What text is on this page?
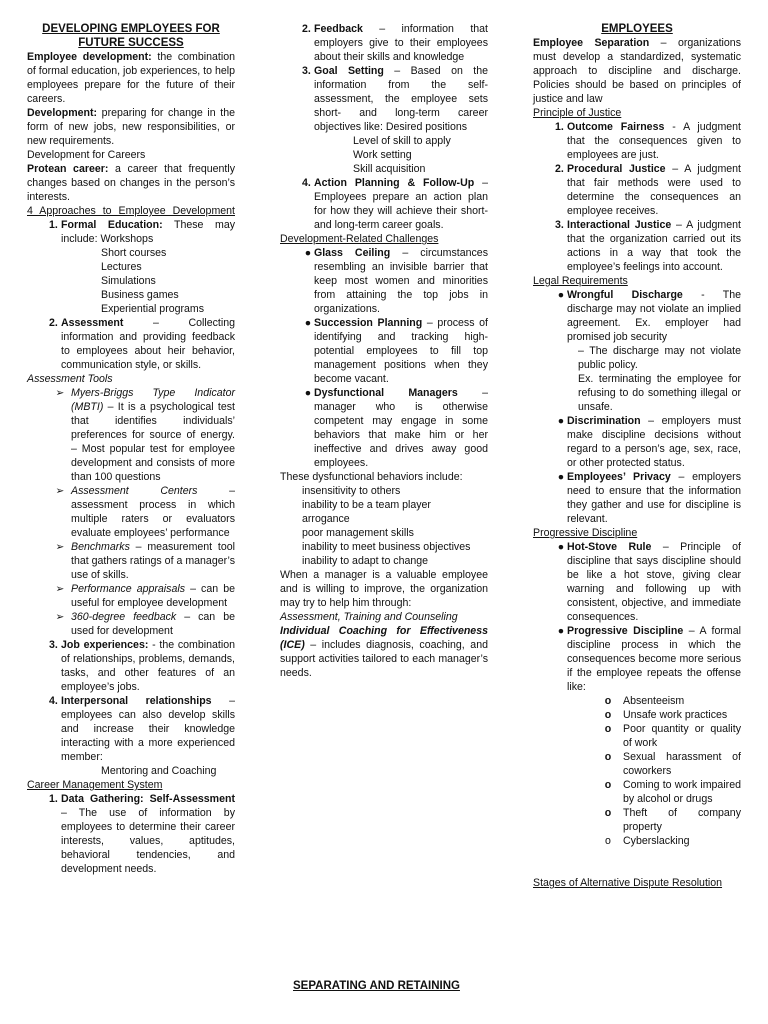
DEVELOPING EMPLOYEES FOR
FUTURE SUCCESS

Employee development: the combination of formal education, job experiences, to help employees prepare for the future of their careers.

Development: preparing for change in the form of new jobs, new responsibilities, or new requirements.

Development for Careers

Protean career: a career that frequently changes based on changes in the person’s interests.

4 Approaches to Employee Development

1. Formal Education: These may include: Workshops
Short courses
Lectures
Simulations
Business games
Experiential programs
2. Assessment – Collecting information and providing feedback to employees about heir behavior, communication style, or skills.

Assessment Tools

➢ Myers-Briggs Type Indicator (MBTI) – It is a psychological test that identifies individuals’ preferences for source of energy. – Most popular test for employee development and consists of more than 100 questions
➢ Assessment Centers – assessment process in which multiple raters or evaluators evaluate employees’ performance
➢ Benchmarks – measurement tool that gathers ratings of a manager’s use of skills.
➢ Performance appraisals – can be useful for employee development
➢ 360-degree feedback – can be used for development
3. Job experiences: - the combination of relationships, problems, demands, tasks, and other features of an employee’s jobs.
4. Interpersonal relationships – employees can also develop skills and increase their knowledge interacting with a more experienced member:

Mentoring and Coaching

Career Management System

1. Data Gathering: Self-Assessment – The use of information by employees to determine their career interests, values, aptitudes, behavioral tendencies, and development needs.
2. Feedback – information that employers give to their employees about their skills and knowledge
3. Goal Setting – Based on the information from the self-assessment, the employee sets short- and long-term career objectives like: Desired positions
Level of skill to apply
Work setting
Skill acquisition
4. Action Planning & Follow-Up – Employees prepare an action plan for how they will achieve their short- and long-term career goals.

Development-Related Challenges

● Glass Ceiling – circumstances resembling an invisible barrier that keep most women and minorities from attaining the top jobs in organizations.
● Succession Planning – process of identifying and tracking high-potential employees to fill top management positions when they become vacant.
● Dysfunctional Managers – manager who is otherwise competent may engage in some behaviors that make him or her ineffective and drives away good employees.

These dysfunctional behaviors include:

insensitivity to others
inability to be a team player
arrogance
poor management skills
inability to meet business objectives
inability to adapt to change

When a manager is a valuable employee and is willing to improve, the organization may try to help him through:

Assessment, Training and Counseling

Individual Coaching for Effectiveness (ICE) – includes diagnosis, coaching, and support activities tailored to each manager’s needs.

EMPLOYEES

Employee Separation – organizations must develop a standardized, systematic approach to discipline and discharge. Policies should be based on principles of justice and law

Principle of Justice

1. Outcome Fairness - A judgment that the consequences given to employees are just.
2. Procedural Justice – A judgment that fair methods were used to determine the consequences an employee receives.
3. Interactional Justice – A judgment that the organization carried out its actions in a way that took the employee’s feelings into account.

Legal Requirements

● Wrongful Discharge - The discharge may not violate an implied agreement. Ex. employer had promised job security

– The discharge may not violate public policy.

Ex. terminating the employee for refusing to do something illegal or unsafe.

● Discrimination – employers must make discipline decisions without regard to a person’s age, sex, race, or other protected status.
● Employees’ Privacy – employers need to ensure that the information they gather and use for discipline is relevant.

Progressive Discipline

● Hot-Stove Rule – Principle of discipline that says discipline should be like a hot stove, giving clear warning and following up with consistent, objective, and immediate consequences.
● Progressive Discipline – A formal discipline process in which the consequences become more serious if the employee repeats the offense like:
o	Absenteeism
o	Unsafe work practices
o	Poor quantity or quality of work
o	Sexual harassment of coworkers
o	Coming to work impaired by alcohol or drugs
o	Theft of company property
o	Cyberslacking

Stages of Alternative Dispute Resolution

SEPARATING AND RETAINING
